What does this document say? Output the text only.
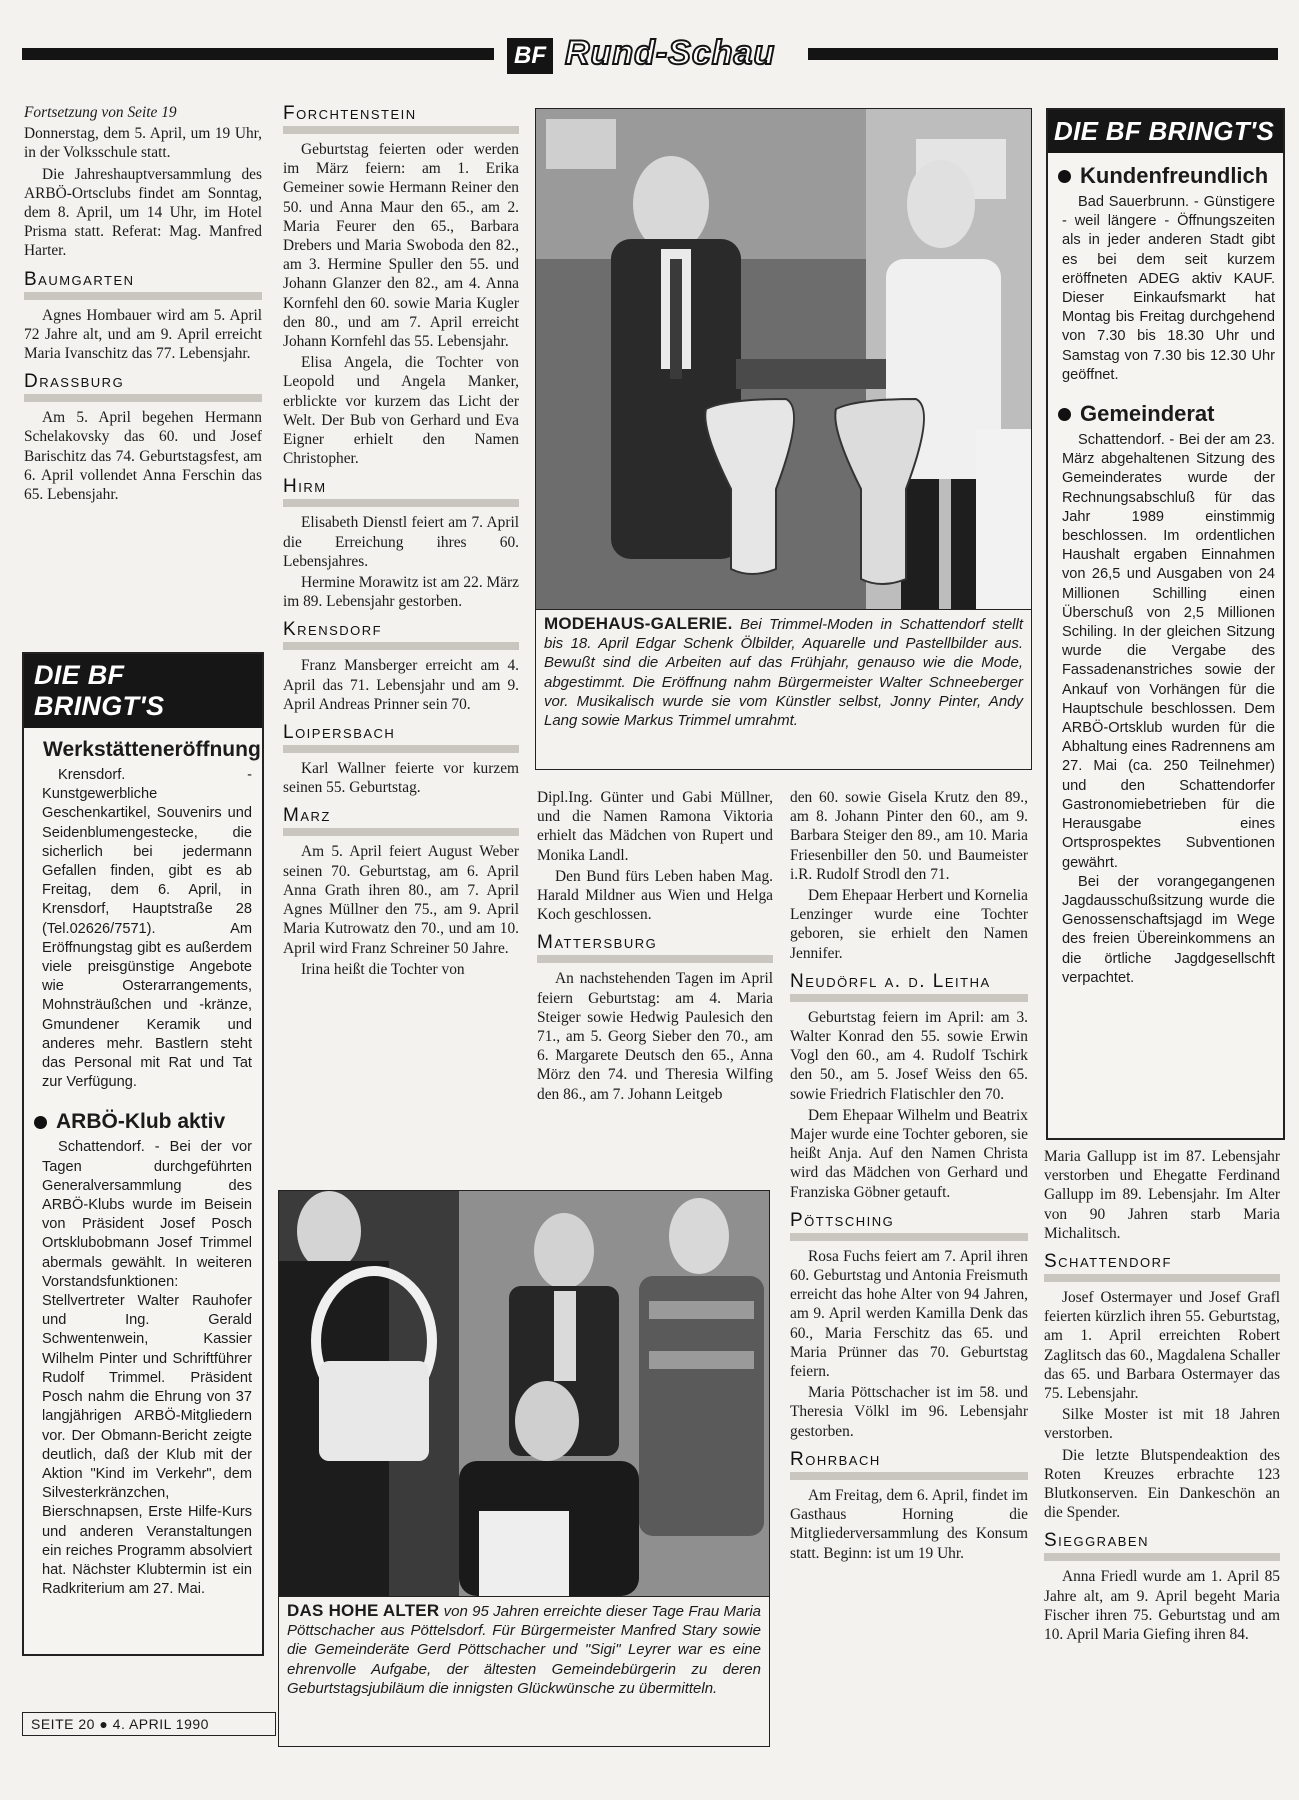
BF Rund-Schau

Fortsetzung von Seite 19

Donnerstag, dem 5. April, um 19 Uhr, in der Volksschule statt.

Die Jahreshauptversammlung des ARBÖ-Ortsclubs findet am Sonntag, dem 8. April, um 14 Uhr, im Hotel Prisma statt. Referat: Mag. Manfred Harter.

Baumgarten

Agnes Hombauer wird am 5. April 72 Jahre alt, und am 9. April erreicht Maria Ivanschitz das 77. Lebensjahr.

Drassburg

Am 5. April begehen Hermann Schelakovsky das 60. und Josef Barischitz das 74. Geburtstagsfest, am 6. April vollendet Anna Ferschin das 65. Lebensjahr.

DIE BF BRINGT'S
Werkstätteneröffnung

Krensdorf. - Kunstgewerbliche Geschenkartikel, Souvenirs und Seidenblumengestecke, die sicherlich bei jedermann Gefallen finden, gibt es ab Freitag, dem 6. April, in Krensdorf, Hauptstraße 28 (Tel.02626/7571). Am Eröffnungstag gibt es außerdem viele preisgünstige Angebote wie Osterarrangements, Mohnsträußchen und -kränze, Gmundener Keramik und anderes mehr. Bastlern steht das Personal mit Rat und Tat zur Verfügung.

ARBÖ-Klub aktiv

Schattendorf. - Bei der vor Tagen durchgeführten Generalversammlung des ARBÖ-Klubs wurde im Beisein von Präsident Josef Posch Ortsklubobmann Josef Trimmel abermals gewählt. In weiteren Vorstandsfunktionen: Stellvertreter Walter Rauhofer und Ing. Gerald Schwentenwein, Kassier Wilhelm Pinter und Schriftführer Rudolf Trimmel. Präsident Posch nahm die Ehrung von 37 langjährigen ARBÖ-Mitgliedern vor. Der Obmann-Bericht zeigte deutlich, daß der Klub mit der Aktion "Kind im Verkehr", dem Silvesterkränzchen, Bierschnapsen, Erste Hilfe-Kurs und anderen Veranstaltungen ein reiches Programm absolviert hat. Nächster Klubtermin ist ein Radkriterium am 27. Mai.

SEITE 20 ● 4. APRIL 1990
Forchtenstein

Geburtstag feierten oder werden im März feiern: am 1. Erika Gemeiner sowie Hermann Reiner den 50. und Anna Maur den 65., am 2. Maria Feurer den 65., Barbara Drebers und Maria Swoboda den 82., am 3. Hermine Spuller den 55. und Johann Glanzer den 82., am 4. Anna Kornfehl den 60. sowie Maria Kugler den 80., und am 7. April erreicht Johann Kornfehl das 55. Lebensjahr.

Elisa Angela, die Tochter von Leopold und Angela Manker, erblickte vor kurzem das Licht der Welt. Der Bub von Gerhard und Eva Eigner erhielt den Namen Christopher.

Hirm

Elisabeth Dienstl feiert am 7. April die Erreichung ihres 60. Lebensjahres.

Hermine Morawitz ist am 22. März im 89. Lebensjahr gestorben.

Krensdorf

Franz Mansberger erreicht am 4. April das 71. Lebensjahr und am 9. April Andreas Prinner sein 70.

Loipersbach

Karl Wallner feierte vor kurzem seinen 55. Geburtstag.

Marz

Am 5. April feiert August Weber seinen 70. Geburtstag, am 6. April Anna Grath ihren 80., am 7. April Agnes Müllner den 75., am 9. April Maria Kutrowatz den 70., und am 10. April wird Franz Schreiner 50 Jahre.

Irina heißt die Tochter von

MODEHAUS-GALERIE. Bei Trimmel-Moden in Schattendorf stellt bis 18. April Edgar Schenk Ölbilder, Aquarelle und Pastellbilder aus. Bewußt sind die Arbeiten auf das Frühjahr, genauso wie die Mode, abgestimmt. Die Eröffnung nahm Bürgermeister Walter Schneeberger vor. Musikalisch wurde sie vom Künstler selbst, Jonny Pinter, Andy Lang sowie Markus Trimmel umrahmt.

Dipl.Ing. Günter und Gabi Müllner, und die Namen Ramona Viktoria erhielt das Mädchen von Rupert und Monika Landl.

Den Bund fürs Leben haben Mag. Harald Mildner aus Wien und Helga Koch geschlossen.

Mattersburg

An nachstehenden Tagen im April feiern Geburtstag: am 4. Maria Steiger sowie Hedwig Paulesich den 71., am 5. Georg Sieber den 70., am 6. Margarete Deutsch den 65., Anna Mörz den 74. und Theresia Wilfing den 86., am 7. Johann Leitgeb

den 60. sowie Gisela Krutz den 89., am 8. Johann Pinter den 60., am 9. Barbara Steiger den 89., am 10. Maria Friesenbiller den 50. und Baumeister i.R. Rudolf Strodl den 71.

Dem Ehepaar Herbert und Kornelia Lenzinger wurde eine Tochter geboren, sie erhielt den Namen Jennifer.

Neudörfl a. d. Leitha

Geburtstag feiern im April: am 3. Walter Konrad den 55. sowie Erwin Vogl den 60., am 4. Rudolf Tschirk den 50., am 5. Josef Weiss den 65. sowie Friedrich Flatischler den 70.

Dem Ehepaar Wilhelm und Beatrix Majer wurde eine Tochter geboren, sie heißt Anja. Auf den Namen Christa wird das Mädchen von Gerhard und Franziska Göbner getauft.

Pöttsching

Rosa Fuchs feiert am 7. April ihren 60. Geburtstag und Antonia Freismuth erreicht das hohe Alter von 94 Jahren, am 9. April werden Kamilla Denk das 60., Maria Ferschitz das 65. und Maria Prünner das 70. Geburtstag feiern.

Maria Pöttschacher ist im 58. und Theresia Völkl im 96. Lebensjahr gestorben.

Rohrbach

Am Freitag, dem 6. April, findet im Gasthaus Horning die Mitgliederversammlung des Konsum statt. Beginn: ist um 19 Uhr.

DAS HOHE ALTER von 95 Jahren erreichte dieser Tage Frau Maria Pöttschacher aus Pöttelsdorf. Für Bürgermeister Manfred Stary sowie die Gemeinderäte Gerd Pöttschacher und "Sigi" Leyrer war es eine ehrenvolle Aufgabe, der ältesten Gemeindebürgerin zu deren Geburtstagsjubiläum die innigsten Glückwünsche zu übermitteln.
DIE BF BRINGT'S
Kundenfreundlich

Bad Sauerbrunn. - Günstigere - weil längere - Öffnungszeiten als in jeder anderen Stadt gibt es bei dem seit kurzem eröffneten ADEG aktiv KAUF. Dieser Einkaufsmarkt hat Montag bis Freitag durchgehend von 7.30 bis 18.30 Uhr und Samstag von 7.30 bis 12.30 Uhr geöffnet.

Gemeinderat

Schattendorf. - Bei der am 23. März abgehaltenen Sitzung des Gemeinderates wurde der Rechnungsabschluß für das Jahr 1989 einstimmig beschlossen. Im ordentlichen Haushalt ergaben Einnahmen von 26,5 und Ausgaben von 24 Millionen Schilling einen Überschuß von 2,5 Millionen Schiling. In der gleichen Sitzung wurde die Vergabe des Fassadenanstriches sowie der Ankauf von Vorhängen für die Hauptschule beschlossen. Dem ARBÖ-Ortsklub wurden für die Abhaltung eines Radrennens am 27. Mai (ca. 250 Teilnehmer) und den Schattendorfer Gastronomiebetrieben für die Herausgabe eines Ortsprospektes Subventionen gewährt.

Bei der vorangegangenen Jagdausschußsitzung wurde die Genossenschaftsjagd im Wege des freien Übereinkommens an die örtliche Jagdgesellschft verpachtet.

Maria Gallupp ist im 87. Lebensjahr verstorben und Ehegatte Ferdinand Gallupp im 89. Lebensjahr. Im Alter von 90 Jahren starb Maria Michalitsch.

Schattendorf

Josef Ostermayer und Josef Grafl feierten kürzlich ihren 55. Geburtstag, am 1. April erreichten Robert Zaglitsch das 60., Magdalena Schaller das 65. und Barbara Ostermayer das 75. Lebensjahr.

Silke Moster ist mit 18 Jahren verstorben.

Die letzte Blutspendeaktion des Roten Kreuzes erbrachte 123 Blutkonserven. Ein Dankeschön an die Spender.

Sieggraben

Anna Friedl wurde am 1. April 85 Jahre alt, am 9. April begeht Maria Fischer ihren 75. Geburtstag und am 10. April Maria Giefing ihren 84.
